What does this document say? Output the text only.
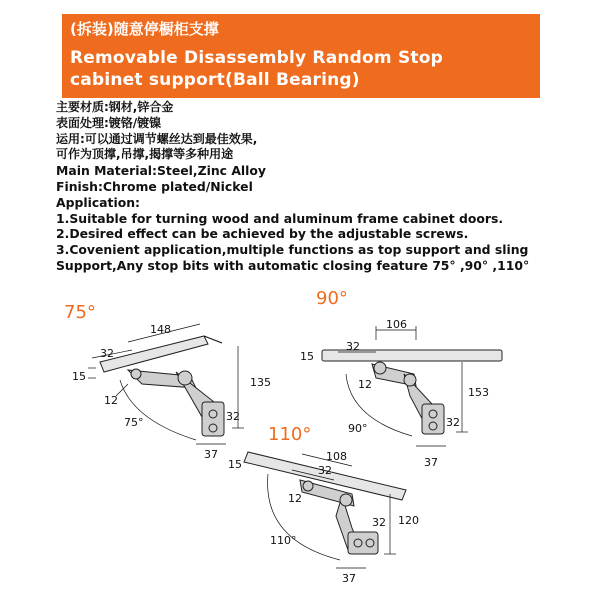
(拆装)随意停橱柜支撑
Removable Disassembly Random Stop
cabinet support(Ball Bearing)
主要材质:钢材,锌合金
表面处理:镀铬/镀镍
运用:可以通过调节螺丝达到最佳效果,
可作为顶撑,吊撑,揭撑等多种用途
Main Material:Steel,Zinc Alloy
Finish:Chrome plated/Nickel
Application:
1.Suitable for turning wood and aluminum frame cabinet doors.
2.Desired effect can be achieved by the adjustable screws.
3.Covenient application,multiple functions as top support and sling
Support,Any stop bits with automatic closing feature 75° ,90° ,110°
75°
148
32
15
12
135
32
75°
37
90°
106
32
15
12
153
32
90°
37
110°
108
32
15
12
32 120
110°
37
